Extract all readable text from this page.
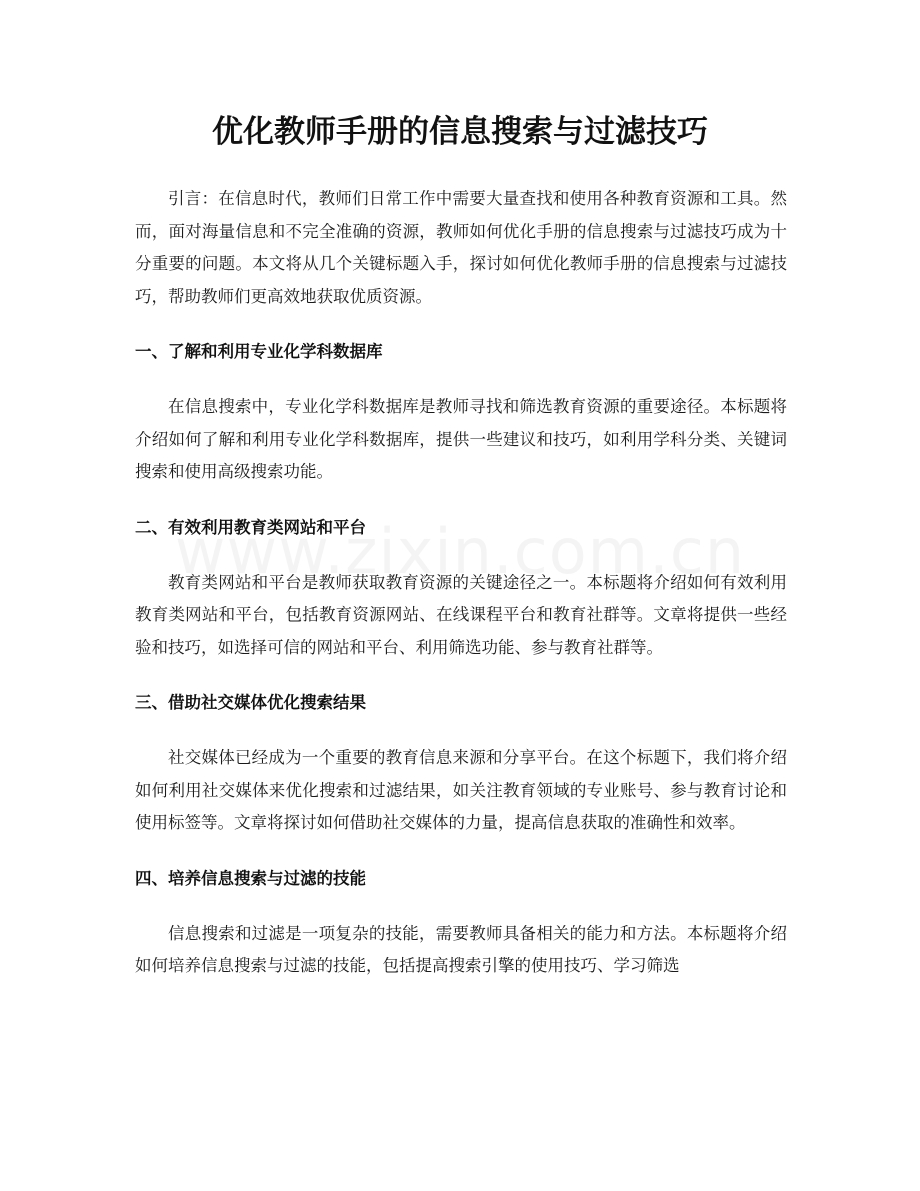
优化教师手册的信息搜索与过滤技巧

引言：在信息时代，教师们日常工作中需要大量查找和使用各种教育资源和工具。然而，面对海量信息和不完全准确的资源，教师如何优化手册的信息搜索与过滤技巧成为十分重要的问题。本文将从几个关键标题入手，探讨如何优化教师手册的信息搜索与过滤技巧，帮助教师们更高效地获取优质资源。

一、了解和利用专业化学科数据库

在信息搜索中，专业化学科数据库是教师寻找和筛选教育资源的重要途径。本标题将介绍如何了解和利用专业化学科数据库，提供一些建议和技巧，如利用学科分类、关键词搜索和使用高级搜索功能。

二、有效利用教育类网站和平台

教育类网站和平台是教师获取教育资源的关键途径之一。本标题将介绍如何有效利用教育类网站和平台，包括教育资源网站、在线课程平台和教育社群等。文章将提供一些经验和技巧，如选择可信的网站和平台、利用筛选功能、参与教育社群等。

三、借助社交媒体优化搜索结果

社交媒体已经成为一个重要的教育信息来源和分享平台。在这个标题下，我们将介绍如何利用社交媒体来优化搜索和过滤结果，如关注教育领域的专业账号、参与教育讨论和使用标签等。文章将探讨如何借助社交媒体的力量，提高信息获取的准确性和效率。

四、培养信息搜索与过滤的技能

信息搜索和过滤是一项复杂的技能，需要教师具备相关的能力和方法。本标题将介绍如何培养信息搜索与过滤的技能，包括提高搜索引擎的使用技巧、学习筛选
